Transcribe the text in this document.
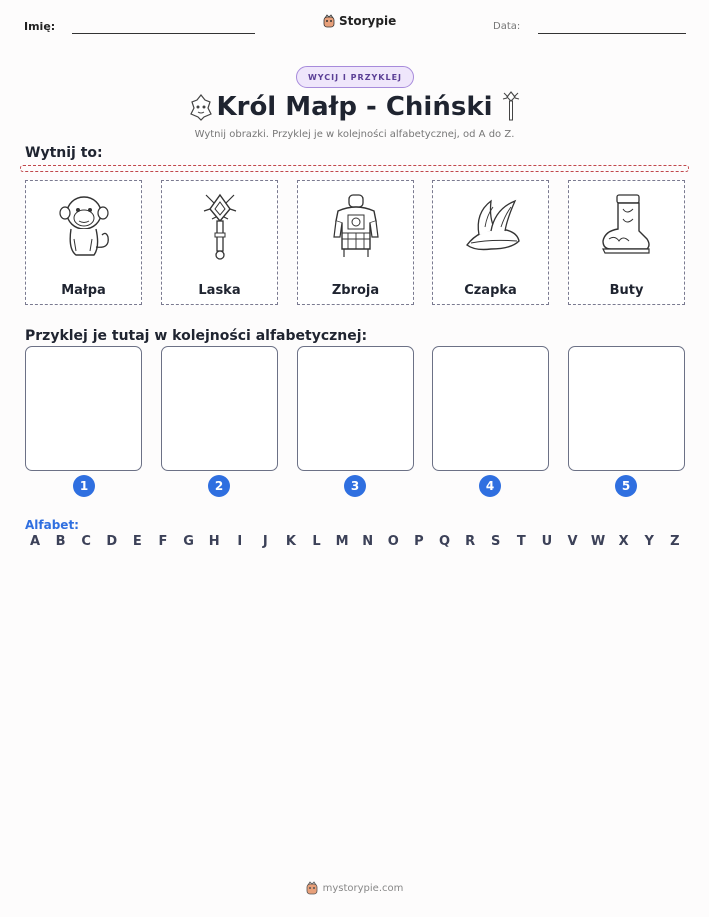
Imię:	Storypie	Data:
WYCIJ I PRZYKLEJ
Król Małp - Chiński
Wytnij obrazki. Przyklej je w kolejności alfabetycznej, od A do Z.
Wytnij to:
Małpa	Laska	Zbroja	Czapka	Buty
Przyklej je tutaj w kolejności alfabetycznej:
1	2	3	4	5
Alfabet:
A	B	C	D	E	F	G	H	I	J	K	L	M	N	O	P	Q	R	S	T	U	V	W	X	Y	Z
mystorypie.com
